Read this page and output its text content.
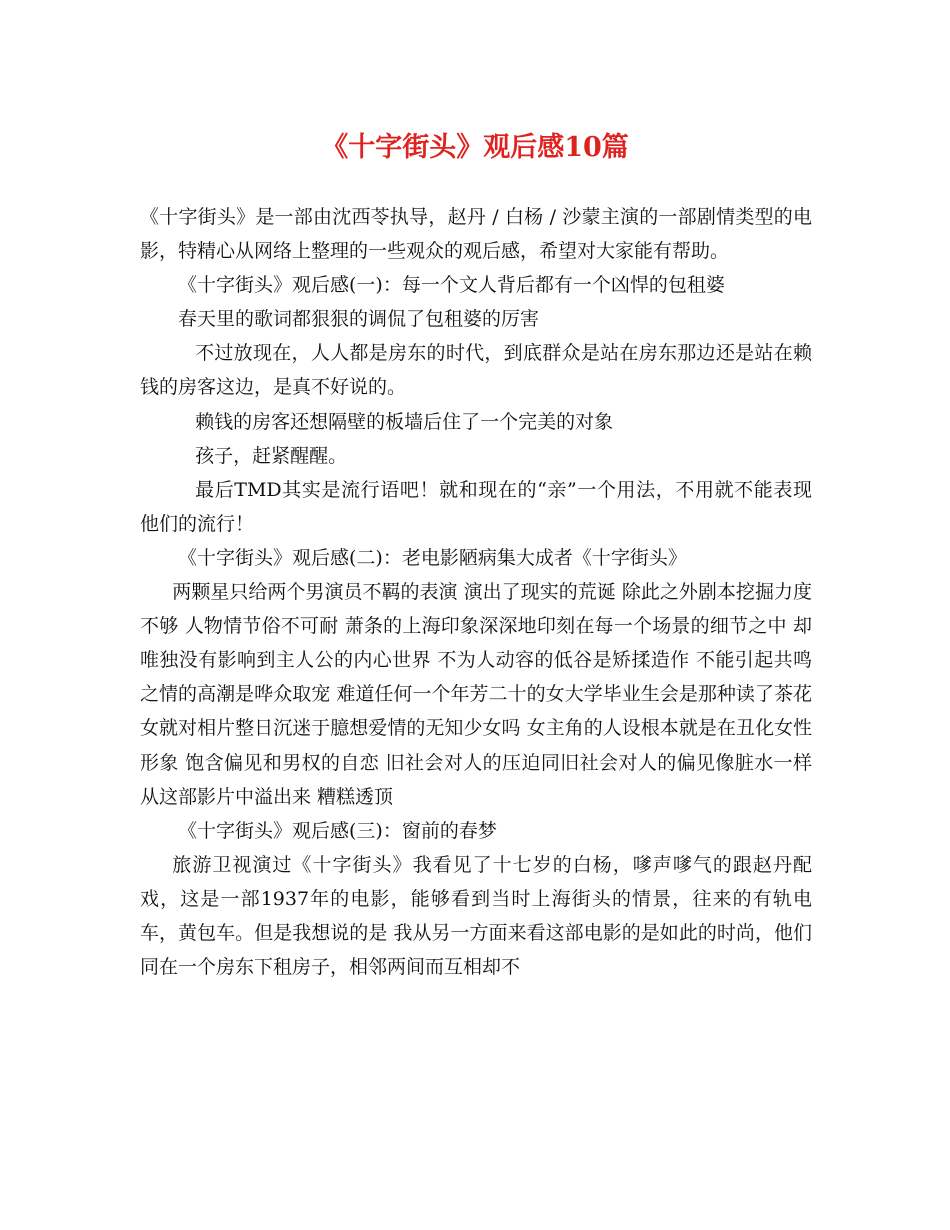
《十字街头》观后感10篇

《十字街头》是一部由沈西苓执导，赵丹 / 白杨 / 沙蒙主演的一部剧情类型的电影，特精心从网络上整理的一些观众的观后感，希望对大家能有帮助。

《十字街头》观后感(一)：每一个文人背后都有一个凶悍的包租婆

春天里的歌词都狠狠的调侃了包租婆的厉害

不过放现在，人人都是房东的时代，到底群众是站在房东那边还是站在赖钱的房客这边，是真不好说的。

赖钱的房客还想隔壁的板墙后住了一个完美的对象

孩子，赶紧醒醒。

最后TMD其实是流行语吧！就和现在的“亲”一个用法，不用就不能表现他们的流行！

《十字街头》观后感(二)：老电影陋病集大成者《十字街头》

两颗星只给两个男演员不羁的表演 演出了现实的荒诞 除此之外剧本挖掘力度不够 人物情节俗不可耐 萧条的上海印象深深地印刻在每一个场景的细节之中 却唯独没有影响到主人公的内心世界 不为人动容的低谷是矫揉造作 不能引起共鸣之情的高潮是哗众取宠 难道任何一个年芳二十的女大学毕业生会是那种读了茶花女就对相片整日沉迷于臆想爱情的无知少女吗 女主角的人设根本就是在丑化女性形象 饱含偏见和男权的自恋 旧社会对人的压迫同旧社会对人的偏见像脏水一样从这部影片中溢出来 糟糕透顶

《十字街头》观后感(三)：窗前的春梦

旅游卫视演过《十字街头》我看见了十七岁的白杨，嗲声嗲气的跟赵丹配戏，这是一部1937年的电影，能够看到当时上海街头的情景，往来的有轨电车，黄包车。但是我想说的是 我从另一方面来看这部电影的是如此的时尚，他们同在一个房东下租房子，相邻两间而互相却不
